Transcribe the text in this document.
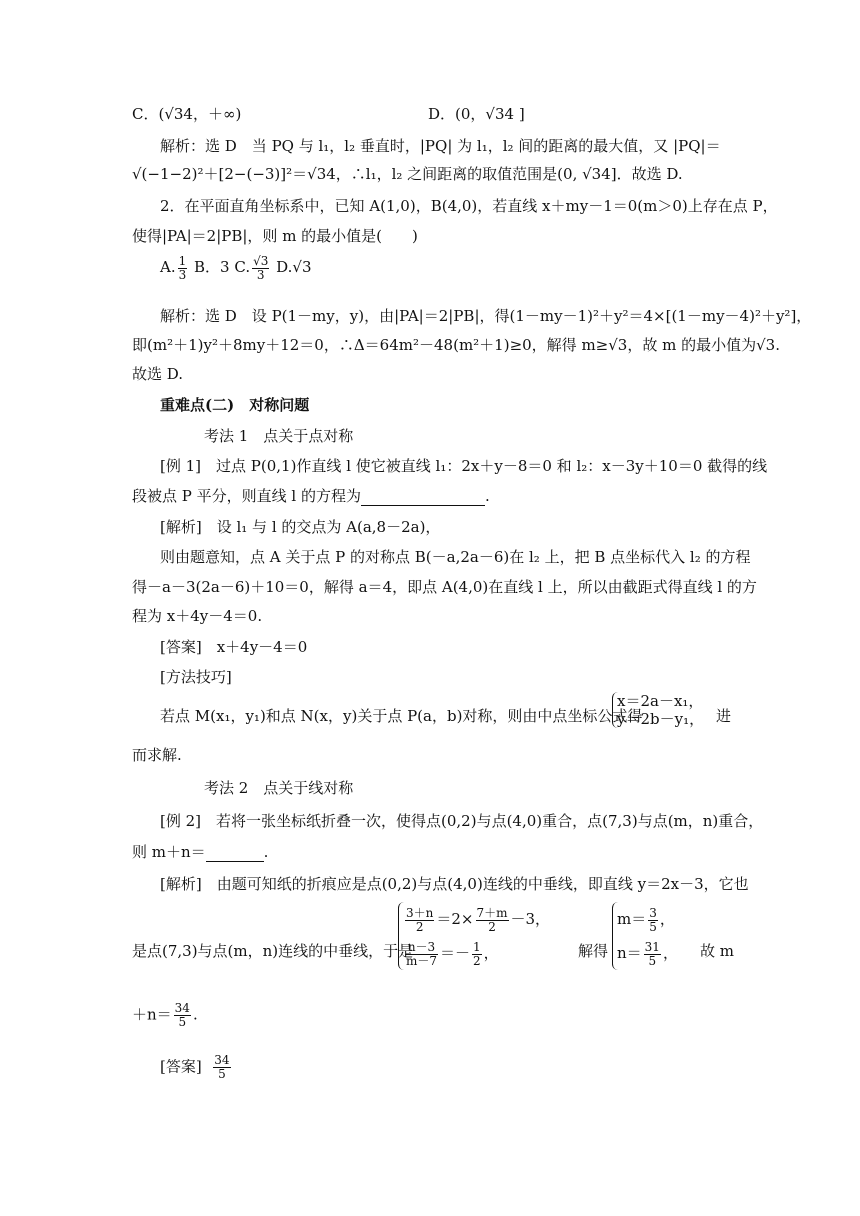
C．(√34，＋∞)	D．(0，√34 ]
解析：选 D　当 PQ 与 l₁，l₂ 垂直时，|PQ| 为 l₁，l₂ 间的距离的最大值，又 |PQ|＝
√(−1−2)²＋[2−(−3)]²＝√34，∴l₁，l₂ 之间距离的取值范围是(0, √34]．故选 D.
2．在平面直角坐标系中，已知 A(1,0)，B(4,0)，若直线 x＋my－1＝0(m＞0)上存在点 P，
使得|PA|＝2|PB|，则 m 的最小值是(　　)
A. $\frac{1}{3}$ B．3 C. $\frac{√3}{3} D.√3$
解析：选 D　设 P(1－my，y)，由|PA|＝2|PB|，得(1－my－1)²＋y²＝4×[(1－my－4)²＋y²]，
即(m²＋1)y²＋8my＋12＝0，∴Δ＝64m²－48(m²＋1)≥0，解得 m≥√3，故 m 的最小值为√3.
故选 D.
重难点(二)　对称问题
考法 1　点关于点对称
[例 1]　过点 P(0,1)作直线 l 使它被直线 l₁：2x＋y－8＝0 和 l₂：x－3y＋10＝0 截得的线
段被点 P 平分，则直线 l 的方程为	.
[解析]　设 l₁ 与 l 的交点为 A(a,8－2a)，
则由题意知，点 A 关于点 P 的对称点 B(－a,2a－6)在 l₂ 上，把 B 点坐标代入 l₂ 的方程
得－a－3(2a－6)＋10＝0，解得 a＝4，即点 A(4,0)在直线 l 上，所以由截距式得直线 l 的方
程为 x＋4y－4＝0.
[答案]　x＋4y－4＝0
[方法技巧]
若点 M(x₁，y₁)和点 N(x，y)关于点 P(a，b)对称，则由中点坐标公式得
x＝2a－x₁，
y＝2b－y₁， 进
而求解.
考法 2　点关于线对称
[例 2]　若将一张坐标纸折叠一次，使得点(0,2)与点(4,0)重合，点(7,3)与点(m，n)重合，
则 m＋n＝	.
[解析]　由题可知纸的折痕应是点(0,2)与点(4,0)连线的中垂线，即直线 y＝2x－3，它也
是点(7,3)与点(m，n)连线的中垂线，于是
$\frac{3+n}{2} =2\times \frac{7+m}{2} -3$，
$\frac{n-3}{m-7} =- \frac{1}{2}$ ，	解得
$m= \frac{3}{5}$ ，
$n= \frac{31}{5}$ ， 故 m
$+n= \frac{34}{5}$ .
[答案] $\frac{34}{5}$
